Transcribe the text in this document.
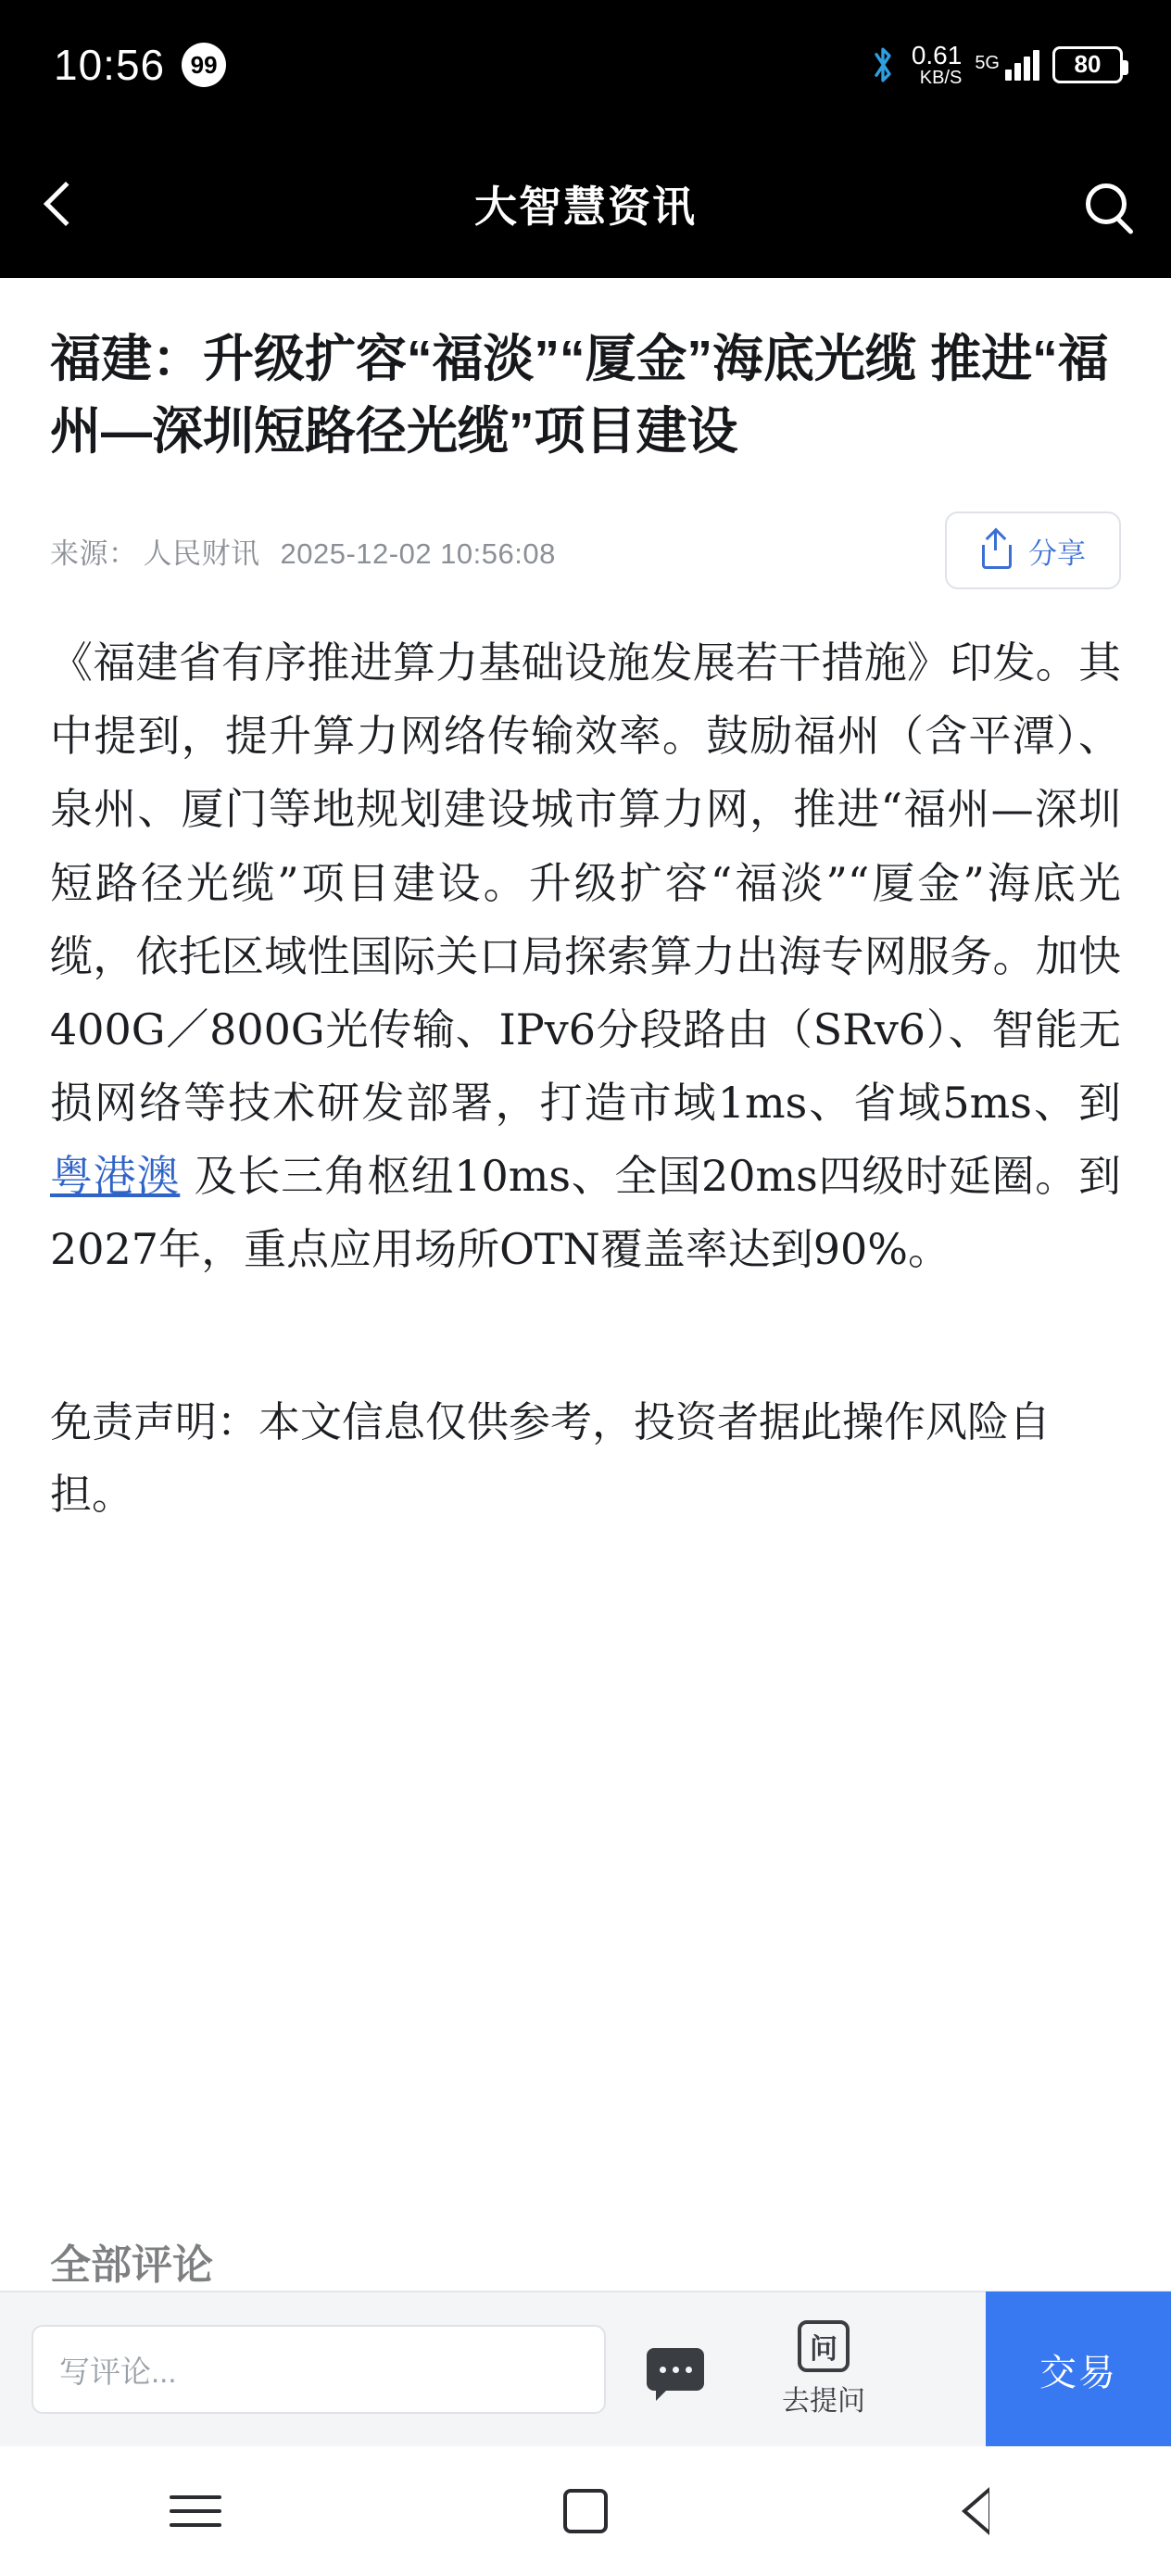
10:56	99	0.61
KB/S
5G	80
大智慧资讯
福建：升级扩容“福淡”“厦金”海底光缆 推进“福州—深圳短路径光缆”项目建设
来源： 人民财讯 2025-12-02 10:56:08	分享
《福建省有序推进算力基础设施发展若干措施》印发。其中提到，提升算力网络传输效率。鼓励福州（含平潭）、泉州、厦门等地规划建设城市算力网，推进“福州—深圳短路径光缆”项目建设。升级扩容“福淡”“厦金”海底光缆，依托区域性国际关口局探索算力出海专网服务。加快400G／800G光传输、IPv6分段路由（SRv6）、智能无损网络等技术研发部署，打造市域1ms、省域5ms、到 粤港澳 及长三角枢纽10ms、全国20ms四级时延圈。到2027年，重点应用场所OTN覆盖率达到90%。
免责声明：本文信息仅供参考，投资者据此操作风险自担。
全部评论
写评论...
问
去提问
交易
